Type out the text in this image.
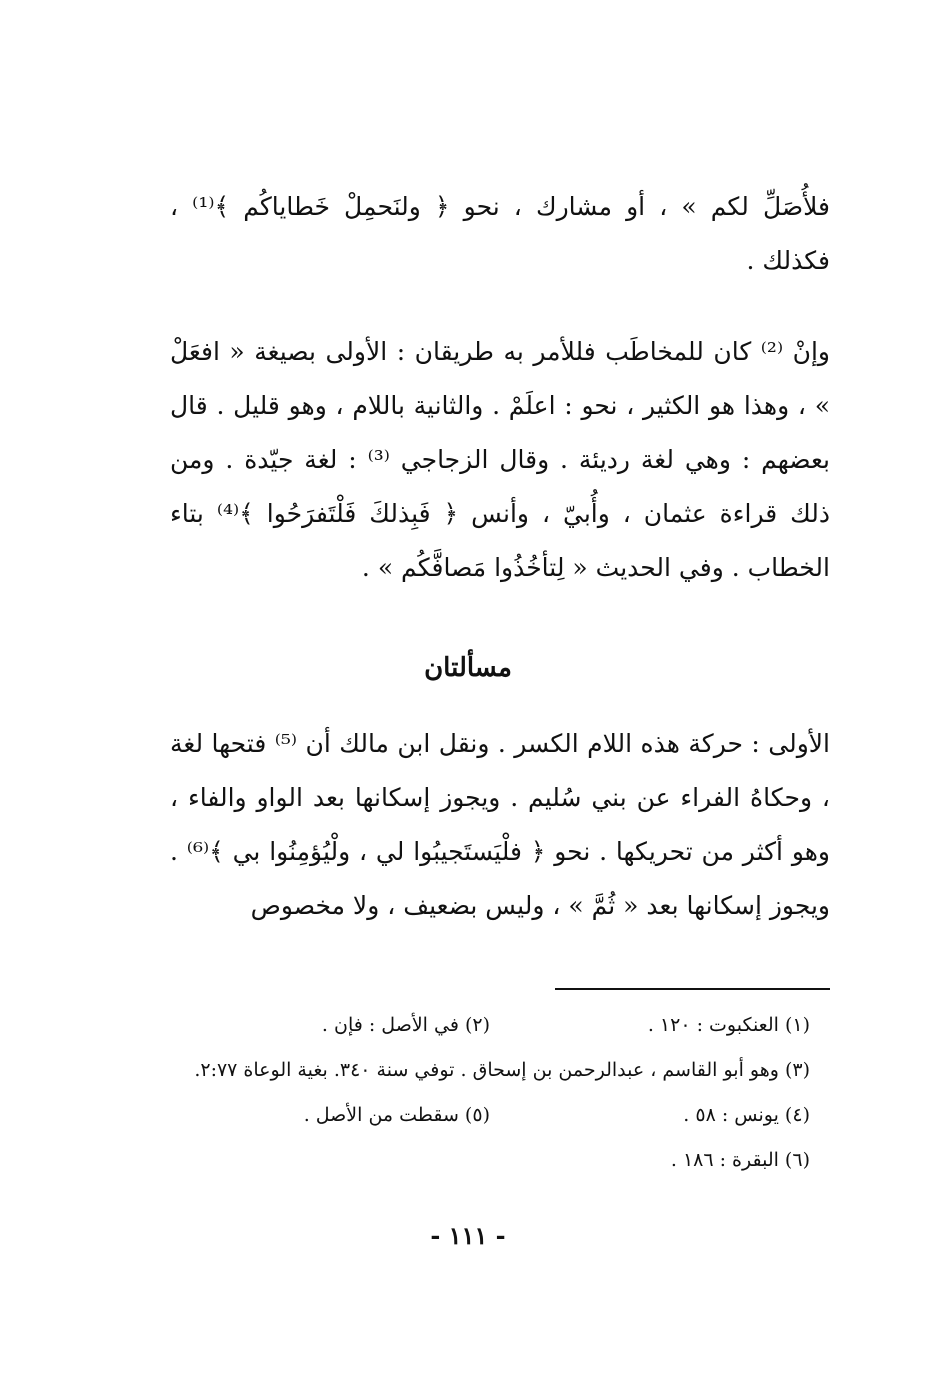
فلأُصَلِّ لكم » ، أو مشارك ، نحو ﴿ ولنَحمِلْ خَطاياكُم ﴾⁽¹⁾ ، فكذلك .

وإنْ ⁽²⁾ كان للمخاطَب فللأمر به طريقان : الأولى بصيغة « افعَلْ » ، وهذا هو الكثير ، نحو : اعلَمْ . والثانية باللام ، وهو قليل . قال بعضهم : وهي لغة رديئة . وقال الزجاجي ⁽³⁾ : لغة جيّدة . ومن ذلك قراءة عثمان ، وأُبيّ ، وأنس ﴿ فَبِذلكَ فَلْتَفرَحُوا ﴾⁽⁴⁾ بتاء الخطاب . وفي الحديث « لِتأخُذُوا مَصافَّكُم » .

مسألتان

الأولى : حركة هذه اللام الكسر . ونقل ابن مالك أن ⁽⁵⁾ فتحها لغة ، وحكاهُ الفراء عن بني سُليم . ويجوز إسكانها بعد الواو والفاء ، وهو أكثر من تحريكها . نحو ﴿ فلْيَستَجيبُوا لي ، ولْيُؤمِنُوا بي ﴾⁽⁶⁾ . ويجوز إسكانها بعد « ثُمَّ » ، وليس بضعيف ، ولا مخصوص

(١) العنكبوت : ١٢٠ .
(٢) في الأصل : فإن .
(٣) وهو أبو القاسم ، عبدالرحمن بن إسحاق . توفي سنة ٣٤٠. بغية الوعاة ٢:٧٧.
(٤) يونس : ٥٨ .
(٥) سقطت من الأصل .
(٦) البقرة : ١٨٦ .
- ١١١ -
